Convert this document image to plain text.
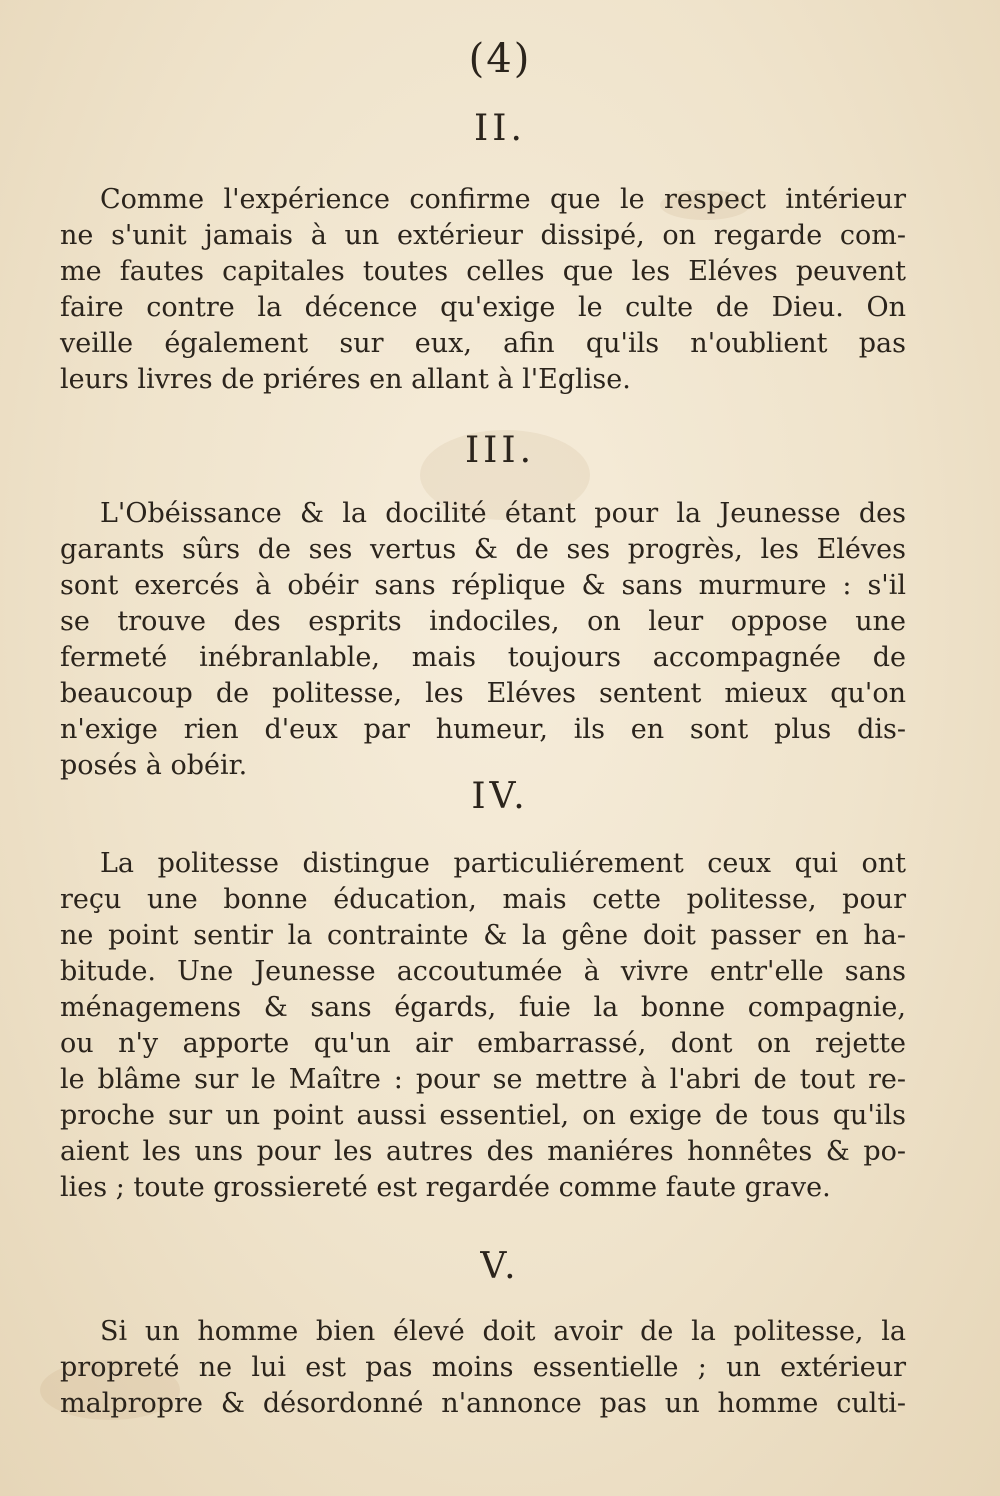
(4)
II.
Comme l'expérience confirme que le respect intérieur
ne s'unit jamais à un extérieur dissipé, on regarde com-
me fautes capitales toutes celles que les Eléves peuvent
faire contre la décence qu'exige le culte de Dieu. On
veille également sur eux, afin qu'ils n'oublient pas
leurs livres de priéres en allant à l'Eglise.
III.
L'Obéissance & la docilité étant pour la Jeunesse des
garants sûrs de ses vertus & de ses progrès, les Eléves
sont exercés à obéir sans réplique & sans murmure : s'il
se trouve des esprits indociles, on leur oppose une
fermeté inébranlable, mais toujours accompagnée de
beaucoup de politesse, les Eléves sentent mieux qu'on
n'exige rien d'eux par humeur, ils en sont plus dis-
posés à obéir.
IV.
La politesse distingue particuliérement ceux qui ont
reçu une bonne éducation, mais cette politesse, pour
ne point sentir la contrainte & la gêne doit passer en ha-
bitude. Une Jeunesse accoutumée à vivre entr'elle sans
ménagemens & sans égards, fuie la bonne compagnie,
ou n'y apporte qu'un air embarrassé, dont on rejette
le blâme sur le Maître : pour se mettre à l'abri de tout re-
proche sur un point aussi essentiel, on exige de tous qu'ils
aient les uns pour les autres des maniéres honnêtes & po-
lies ; toute grossiereté est regardée comme faute grave.
V.
Si un homme bien élevé doit avoir de la politesse, la
propreté ne lui est pas moins essentielle ; un extérieur
malpropre & désordonné n'annonce pas un homme culti-
